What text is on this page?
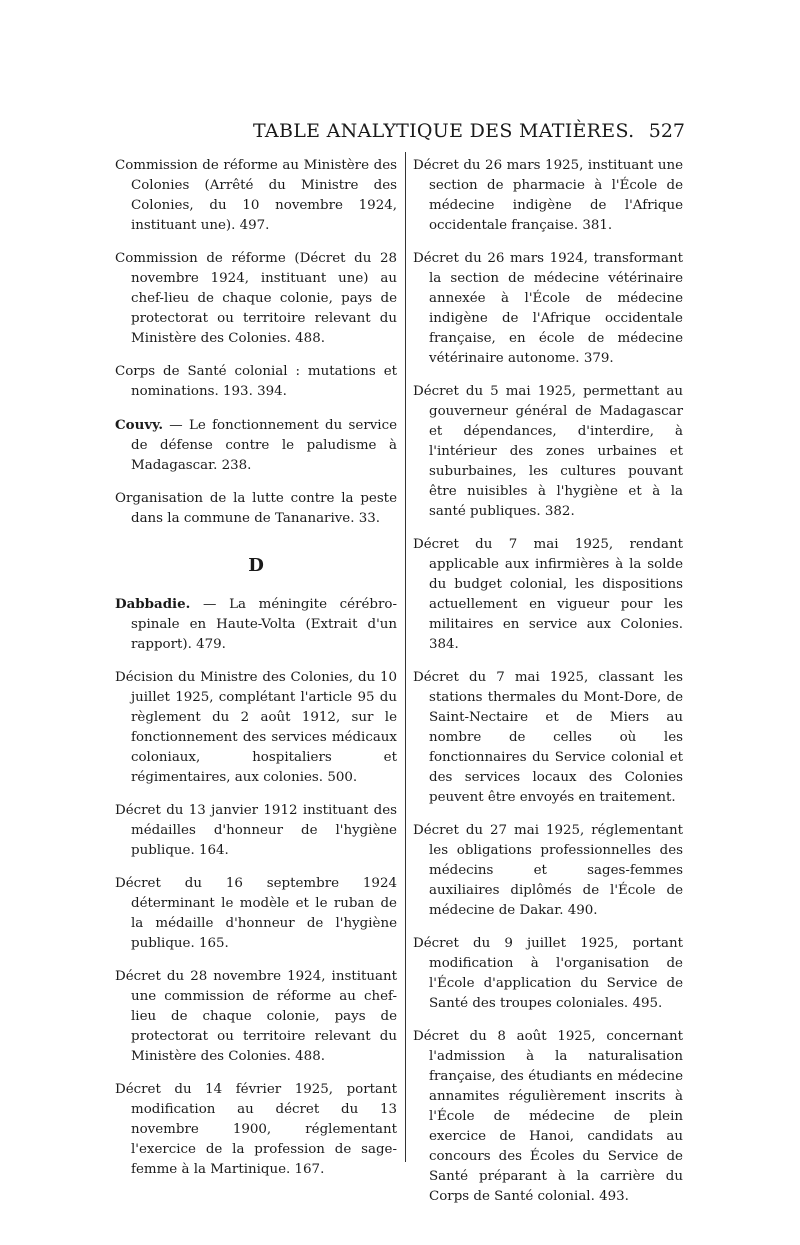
TABLE ANALYTIQUE DES MATIÈRES. 527

Commission de réforme au Ministère des Colonies (Arrêté du Ministre des Colonies, du 10 novembre 1924, instituant une). 497.

Commission de réforme (Décret du 28 novembre 1924, instituant une) au chef-lieu de chaque colonie, pays de protectorat ou territoire relevant du Ministère des Colonies. 488.

Corps de Santé colonial : mutations et nominations. 193. 394.

Couvy. — Le fonctionnement du service de défense contre le paludisme à Madagascar. 238.

Organisation de la lutte contre la peste dans la commune de Tananarive. 33.

D

Dabbadie. — La méningite cérébro-spinale en Haute-Volta (Extrait d'un rapport). 479.

Décision du Ministre des Colonies, du 10 juillet 1925, complétant l'article 95 du règlement du 2 août 1912, sur le fonctionnement des services médicaux coloniaux, hospitaliers et régimentaires, aux colonies. 500.

Décret du 13 janvier 1912 instituant des médailles d'honneur de l'hygiène publique. 164.

Décret du 16 septembre 1924 déterminant le modèle et le ruban de la médaille d'honneur de l'hygiène publique. 165.

Décret du 28 novembre 1924, instituant une commission de réforme au chef-lieu de chaque colonie, pays de protectorat ou territoire relevant du Ministère des Colonies. 488.

Décret du 14 février 1925, portant modification au décret du 13 novembre 1900, réglementant l'exercice de la profession de sage-femme à la Martinique. 167.

Décret du 26 mars 1925, instituant une section de pharmacie à l'École de médecine indigène de l'Afrique occidentale française. 381.

Décret du 26 mars 1924, transformant la section de médecine vétérinaire annexée à l'École de médecine indigène de l'Afrique occidentale française, en école de médecine vétérinaire autonome. 379.

Décret du 5 mai 1925, permettant au gouverneur général de Madagascar et dépendances, d'interdire, à l'intérieur des zones urbaines et suburbaines, les cultures pouvant être nuisibles à l'hygiène et à la santé publiques. 382.

Décret du 7 mai 1925, rendant applicable aux infirmières à la solde du budget colonial, les dispositions actuellement en vigueur pour les militaires en service aux Colonies. 384.

Décret du 7 mai 1925, classant les stations thermales du Mont-Dore, de Saint-Nectaire et de Miers au nombre de celles où les fonctionnaires du Service colonial et des services locaux des Colonies peuvent être envoyés en traitement.

Décret du 27 mai 1925, réglementant les obligations professionnelles des médecins et sages-femmes auxiliaires diplômés de l'École de médecine de Dakar. 490.

Décret du 9 juillet 1925, portant modification à l'organisation de l'École d'application du Service de Santé des troupes coloniales. 495.

Décret du 8 août 1925, concernant l'admission à la naturalisation française, des étudiants en médecine annamites régulièrement inscrits à l'École de médecine de plein exercice de Hanoi, candidats au concours des Écoles du Service de Santé préparant à la carrière du Corps de Santé colonial. 493.
